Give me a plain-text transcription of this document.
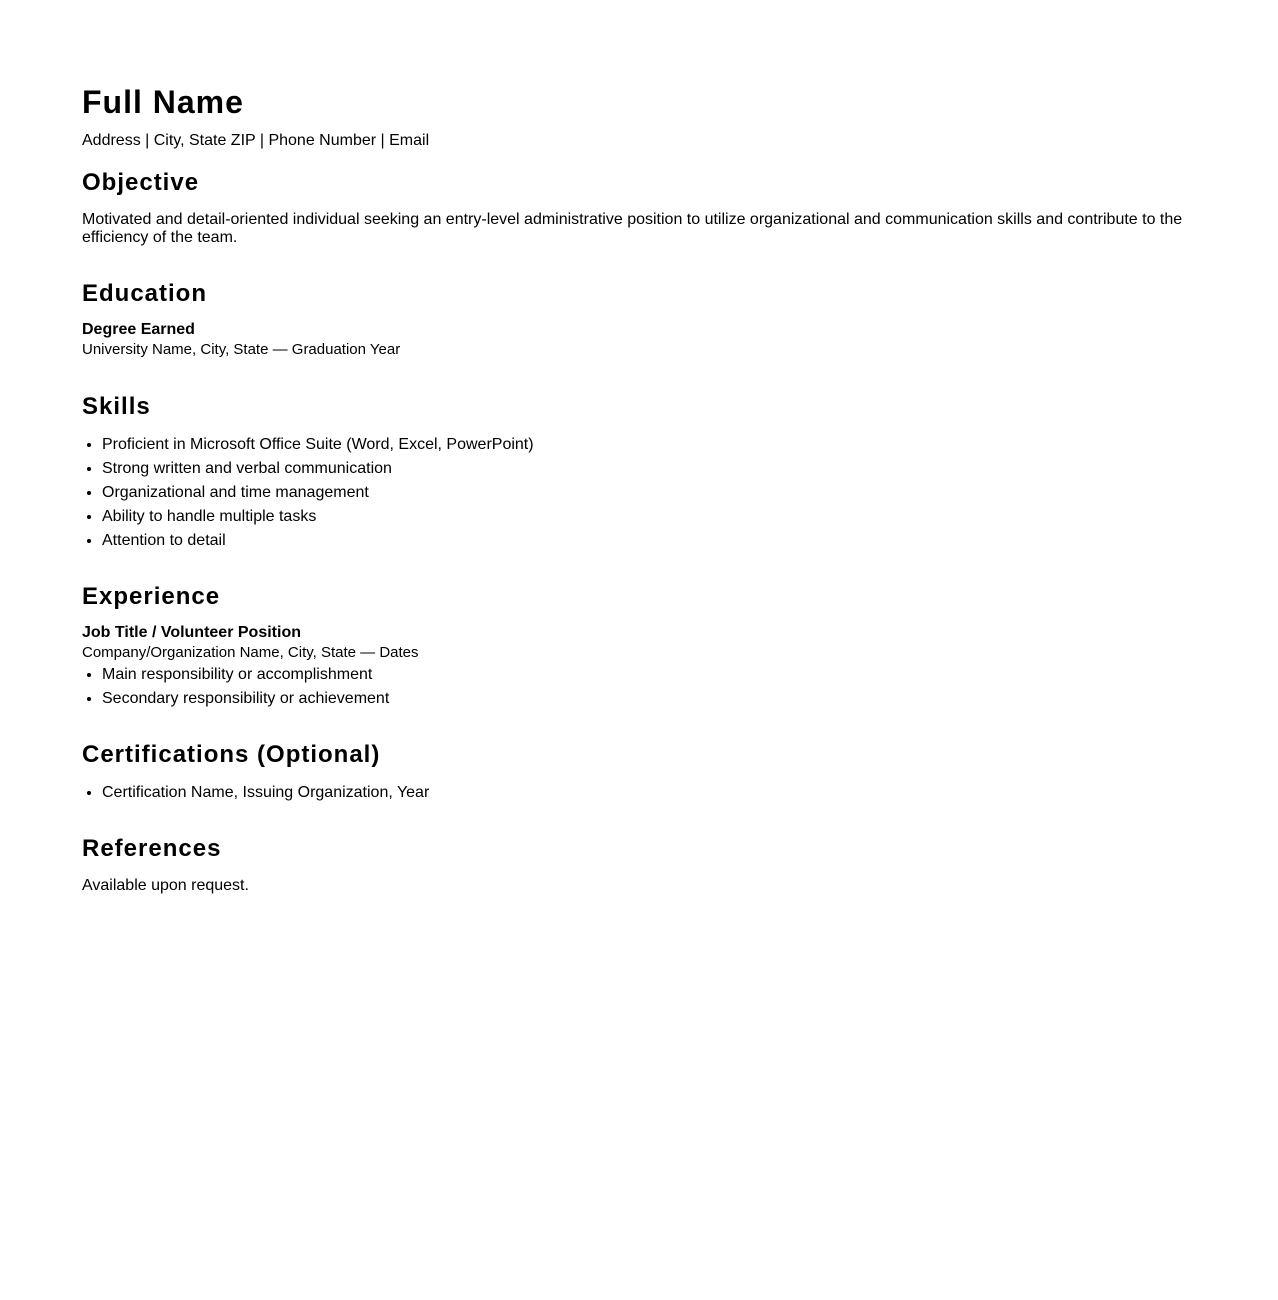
Full Name
Address | City, State ZIP | Phone Number | Email
Objective

Motivated and detail-oriented individual seeking an entry-level administrative position to utilize organizational and communication skills and contribute to the efficiency of the team.

Education
Degree Earned
University Name, City, State — Graduation Year
Skills
• Proficient in Microsoft Office Suite (Word, Excel, PowerPoint)
• Strong written and verbal communication
• Organizational and time management
• Ability to handle multiple tasks
• Attention to detail
Experience
Job Title / Volunteer Position
Company/Organization Name, City, State — Dates
• Main responsibility or accomplishment
• Secondary responsibility or achievement
Certifications (Optional)
• Certification Name, Issuing Organization, Year
References

Available upon request.
